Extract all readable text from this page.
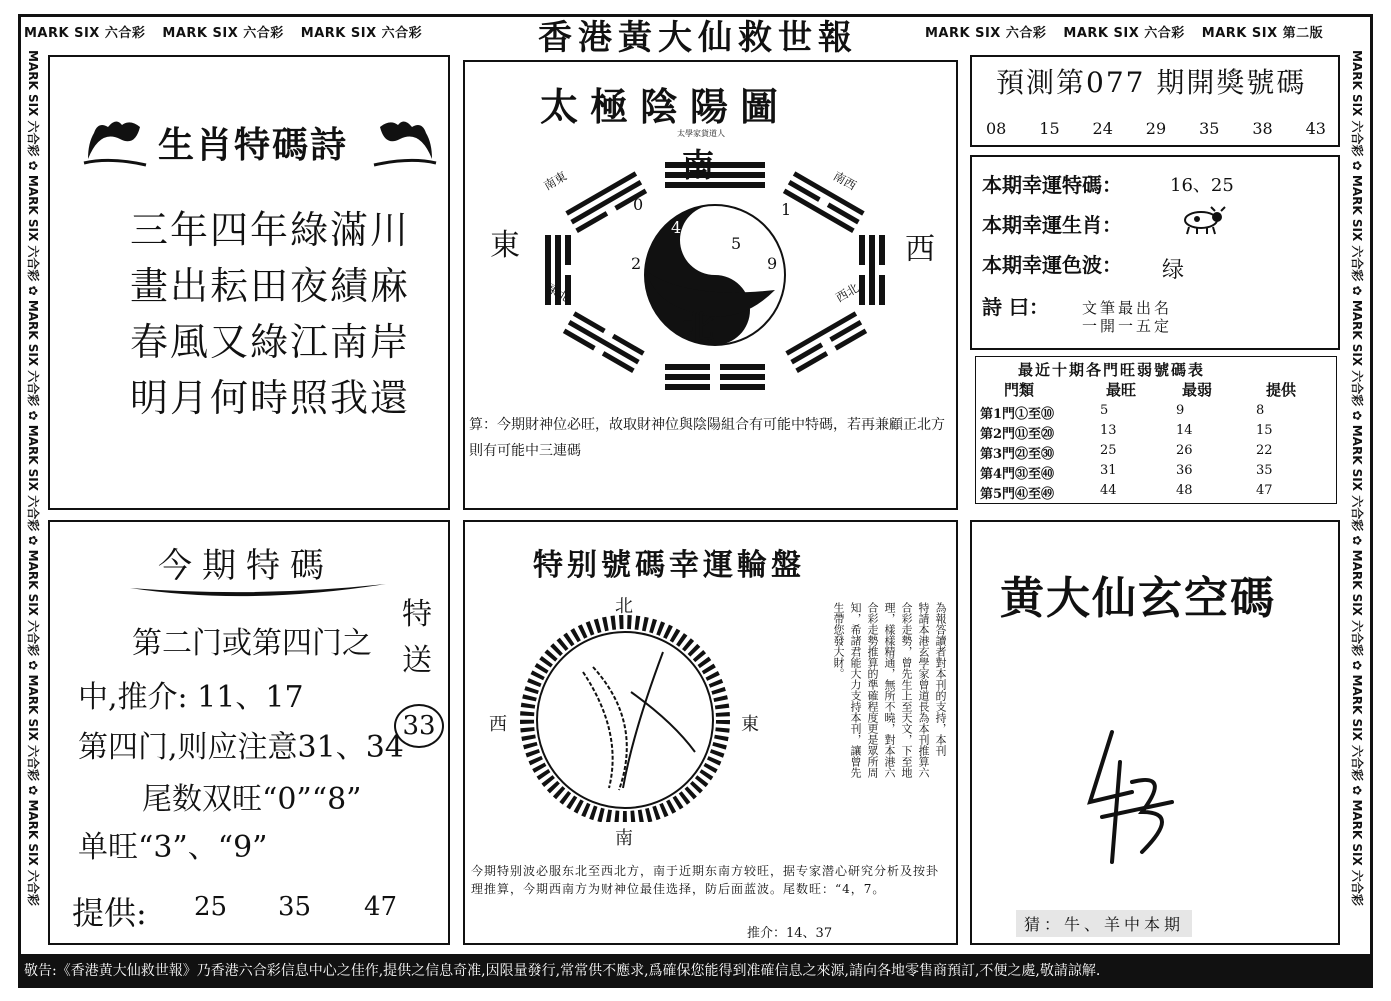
MARK SIX 六合彩 MARK SIX 六合彩 MARK SIX 六合彩	MARK SIX 六合彩 MARK SIX 六合彩 MARK SIX 第二版
香港黃大仙救世報
MARK SIX 六合彩 ✿ MARK SIX 六合彩 ✿ MARK SIX 六合彩 ✿ MARK SIX 六合彩 ✿ MARK SIX 六合彩 ✿ MARK SIX 六合彩 ✿ MARK SIX 六合彩
MARK SIX 六合彩 ✿ MARK SIX 六合彩 ✿ MARK SIX 六合彩 ✿ MARK SIX 六合彩 ✿ MARK SIX 六合彩 ✿ MARK SIX 六合彩 ✿ MARK SIX 六合彩
生肖特碼詩
三年四年綠滿川
畫出耘田夜績麻
春風又綠江南岸
明月何時照我還
太極陰陽圖
太學家貨道人
南
北
東	西
南東	南西
東北	西北
0	1
4
5
2	9
算：今期財神位必旺，故取財神位與陰陽組合有可能中特碼，若再兼顧正北方則有可能中三連碼
預測第077 期開獎號碼
08 15 24 29 35 38 43
本期幸運特碼：	16、25
本期幸運生肖：
本期幸運色波： 绿
詩 曰： 文筆最出名
一開一五定
最近十期各門旺弱號碼表
門類	最旺	最弱	提供
第1門①至⑩	5	9	8
第2門⑪至⑳	13	14	15
第3門㉑至㉚	25	26	22
第4門㉛至㊵	31	36	35
第5門㊶至㊾	44	48	47
今期特碼
第二门或第四门之
中,推介: 11、17
第四门,则应注意31、34
尾数双旺“0”“8”
单旺“3”、“9”
提供: 25 35 47
特送
33
特别號碼幸運輪盤
北
南
西	東	為報答讀者對本刊的支持，本刊
特請本港玄學家曾道長為本刊推算六
合彩走勢，曾先生上至天文，下至地
理，樣樣精通，無所不曉，對本港六
合彩走勢推算的準確程度更是眾所周
知，希諸君能大力支持本刊，讓曾先
生帶您發大財。
今期特别波必服东北至西北方，南于近期东南方较旺，据专家潜心研究分析及按卦理推算，今期西南方为财神位最佳选择，防后面蓝波。尾数旺：“4，7。
推介：14、37
黄大仙玄空碼
猜：牛、羊中本期
敬告:《香港黄大仙救世報》乃香港六合彩信息中心之佳作,提供之信息奇准,因限量發行,常常供不應求,爲確保您能得到准確信息之來源,請向各地零售商預訂,不便之處,敬請諒解.
